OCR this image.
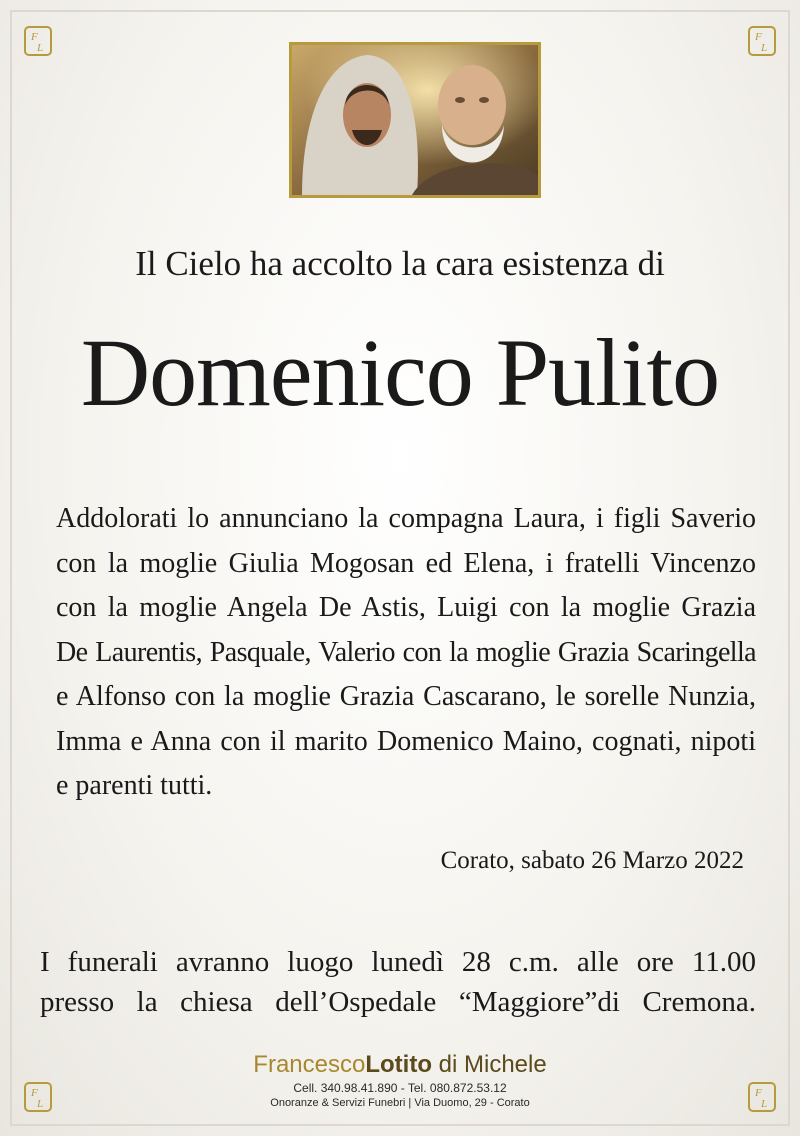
F
L
F
L
F
L
F
L
Il Cielo ha accolto la cara esistenza di
Domenico Pulito
Addolorati lo annunciano la compagna Laura, i figli Saverio
con la moglie Giulia Mogosan ed Elena, i fratelli Vincenzo
con la moglie Angela De Astis, Luigi con la moglie Grazia
De Laurentis, Pasquale, Valerio con la moglie Grazia Scaringella
e Alfonso con la moglie Grazia Cascarano, le sorelle Nunzia,
Imma e Anna con il marito Domenico Maino, cognati, nipoti
e parenti tutti.
Corato, sabato 26 Marzo 2022
I funerali avranno luogo lunedì 28 c.m. alle ore 11.00
presso la chiesa dell’Ospedale “Maggiore”di Cremona.
FrancescoLotito di Michele
Cell. 340.98.41.890 - Tel. 080.872.53.12
Onoranze & Servizi Funebri | Via Duomo, 29 - Corato
